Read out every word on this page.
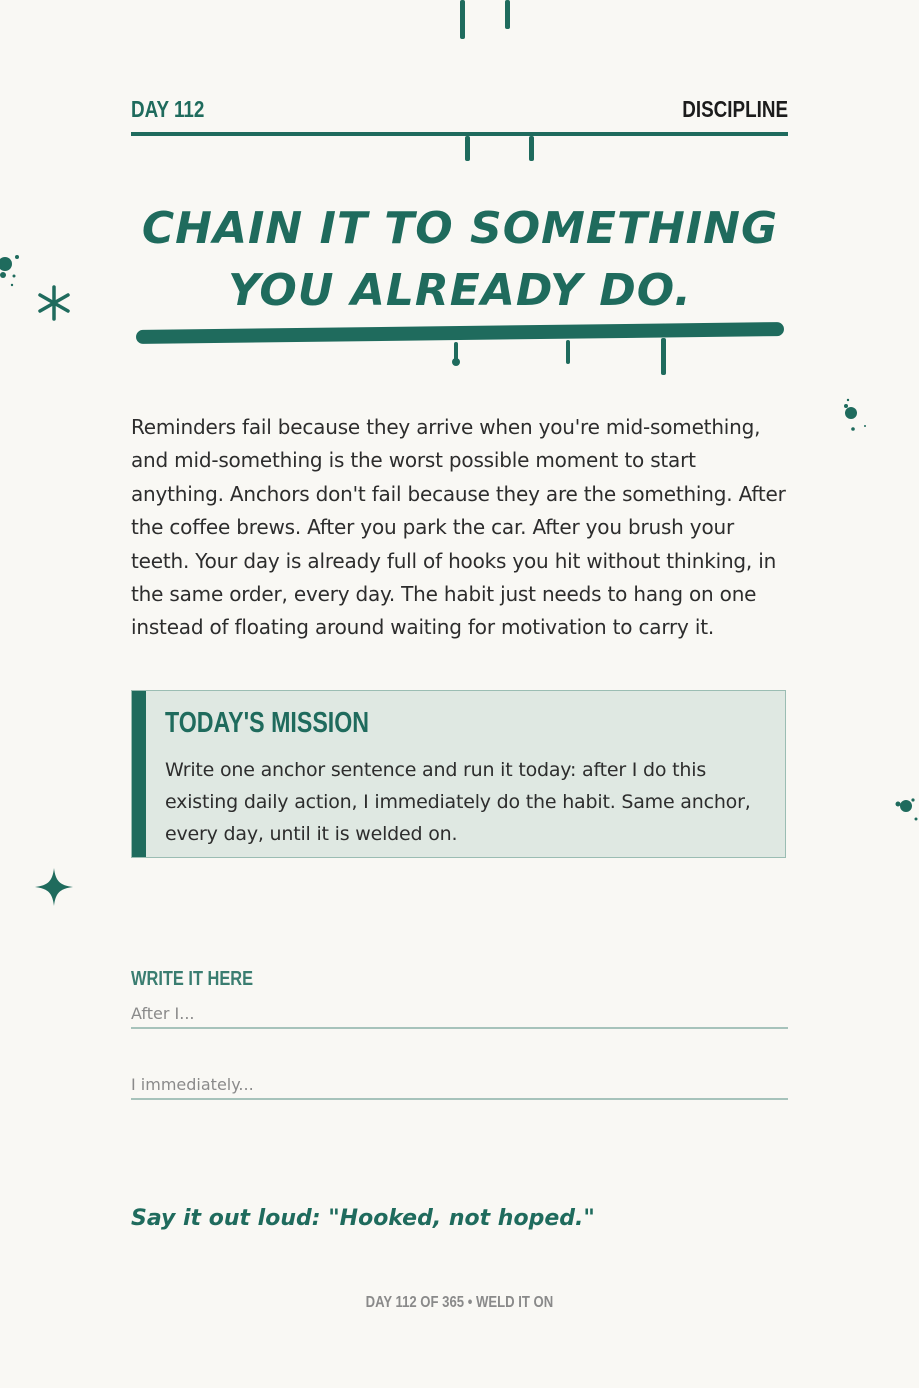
DAY 112	DISCIPLINE
CHAIN IT TO SOMETHING
YOU ALREADY DO.
Reminders fail because they arrive when you're mid-something, and mid-something is the worst possible moment to start anything. Anchors don't fail because they are the something. After the coffee brews. After you park the car. After you brush your teeth. Your day is already full of hooks you hit without thinking, in the same order, every day. The habit just needs to hang on one instead of floating around waiting for motivation to carry it.
TODAY'S MISSION
Write one anchor sentence and run it today: after I do this existing daily action, I immediately do the habit. Same anchor, every day, until it is welded on.
WRITE IT HERE
After I...
I immediately...
Say it out loud: "Hooked, not hoped."
DAY 112 OF 365 • WELD IT ON
